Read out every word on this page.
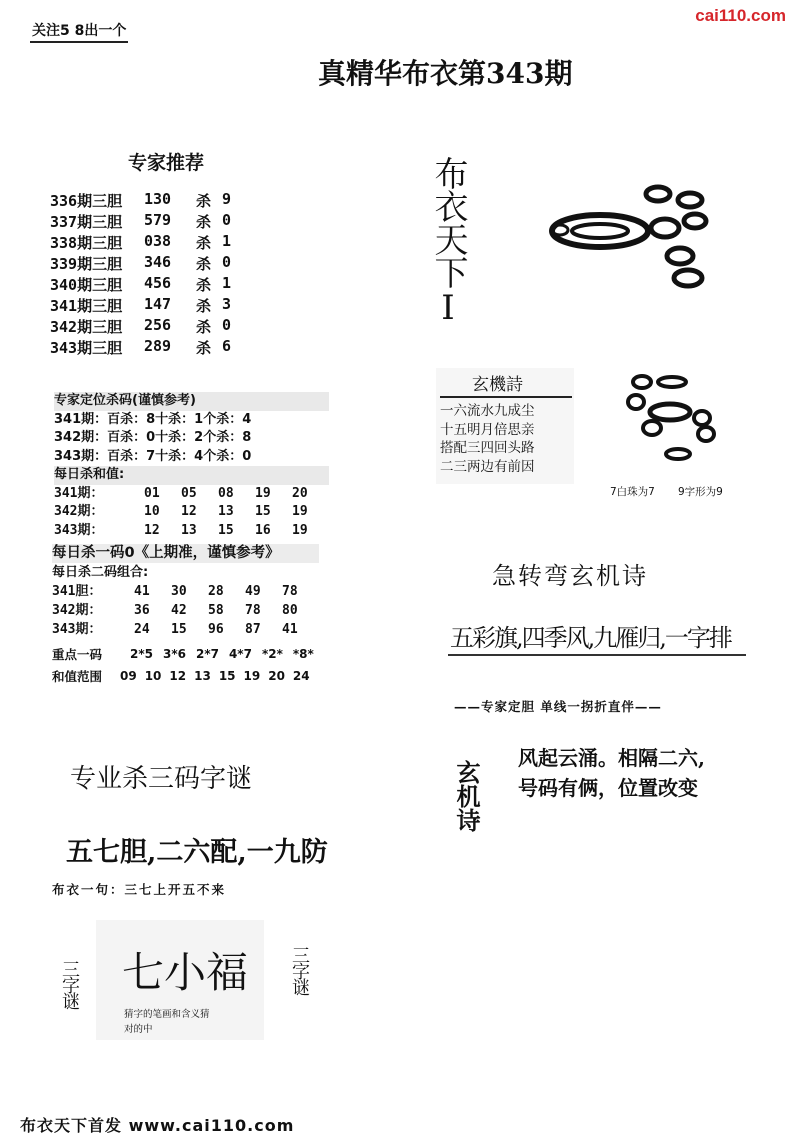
cai110.com
关注5 8出一个
真精华布衣第343期
专家推荐
336期三胆	130	杀 9
337期三胆	579	杀 0
338期三胆	038	杀 1
339期三胆	346	杀 0
340期三胆	456	杀 1
341期三胆	147	杀 3
342期三胆	256	杀 0
343期三胆	289	杀 6
专家定位杀码(谨慎参考)
341期：百杀：8十杀：1个杀：4
342期：百杀：0十杀：2个杀：8
343期：百杀：7十杀：4个杀：0
每日杀和值:
341期：	01	05	08	19	20
342期：	10	12	13	15	19
343期：	12	13	15	16	19
每日杀一码0《上期准，谨慎参考》
每日杀二码组合:
341胆：	41	30	28	49	78
342期：	36	42	58	78	80
343期：	24	15	96	87	41
重点一码	2*5 3*6 2*7 4*7 *2* *8*
和值范围	09 10 12 13 15 19 20 24
专业杀三码字谜
五七胆,二六配,一九防
布衣一句：三七上开五不来
七小福
猜字的笔画和含义猜
对的中
三字谜	三字谜
布衣天下I
玄機詩
一六流水九成尘
十五明月倍思亲
搭配三四回头路
二三两边有前因
7白珠为7 9字形为9
急转弯玄机诗
五彩旗,四季风,九雁归,一字排
——专家定胆 单线一拐折直伴——
玄机诗
风起云涌。相隔二六,
号码有俩，位置改变
布衣天下首发 www.cai110.com
